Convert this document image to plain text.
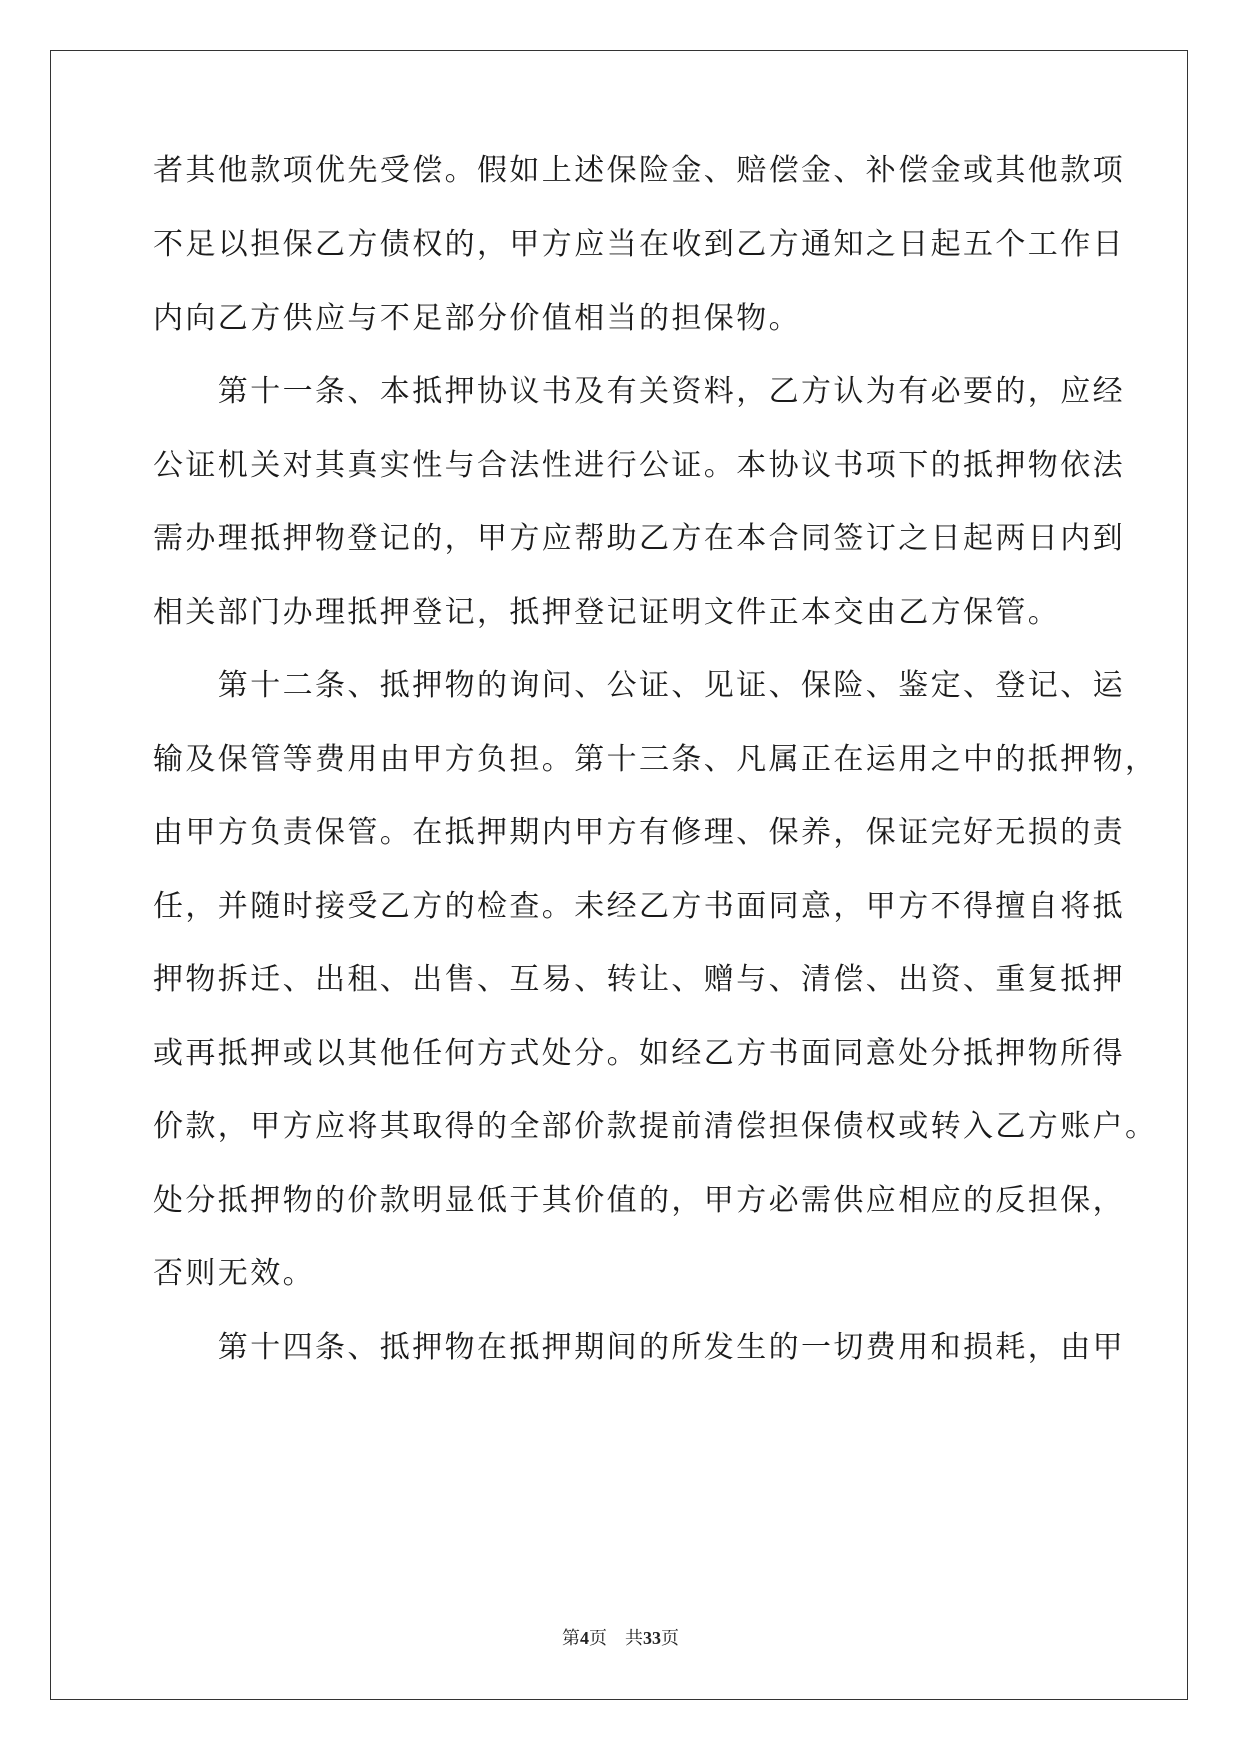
者其他款项优先受偿。假如上述保险金、赔偿金、补偿金或其他款项
不足以担保乙方债权的，甲方应当在收到乙方通知之日起五个工作日
内向乙方供应与不足部分价值相当的担保物。
　　第十一条、本抵押协议书及有关资料，乙方认为有必要的，应经
公证机关对其真实性与合法性进行公证。本协议书项下的抵押物依法
需办理抵押物登记的，甲方应帮助乙方在本合同签订之日起两日内到
相关部门办理抵押登记，抵押登记证明文件正本交由乙方保管。
　　第十二条、抵押物的询问、公证、见证、保险、鉴定、登记、运
输及保管等费用由甲方负担。第十三条、凡属正在运用之中的抵押物，
由甲方负责保管。在抵押期内甲方有修理、保养，保证完好无损的责
任，并随时接受乙方的检查。未经乙方书面同意，甲方不得擅自将抵
押物拆迁、出租、出售、互易、转让、赠与、清偿、出资、重复抵押
或再抵押或以其他任何方式处分。如经乙方书面同意处分抵押物所得
价款，甲方应将其取得的全部价款提前清偿担保债权或转入乙方账户。
处分抵押物的价款明显低于其价值的，甲方必需供应相应的反担保，
否则无效。
　　第十四条、抵押物在抵押期间的所发生的一切费用和损耗，由甲
第4页 共33页
